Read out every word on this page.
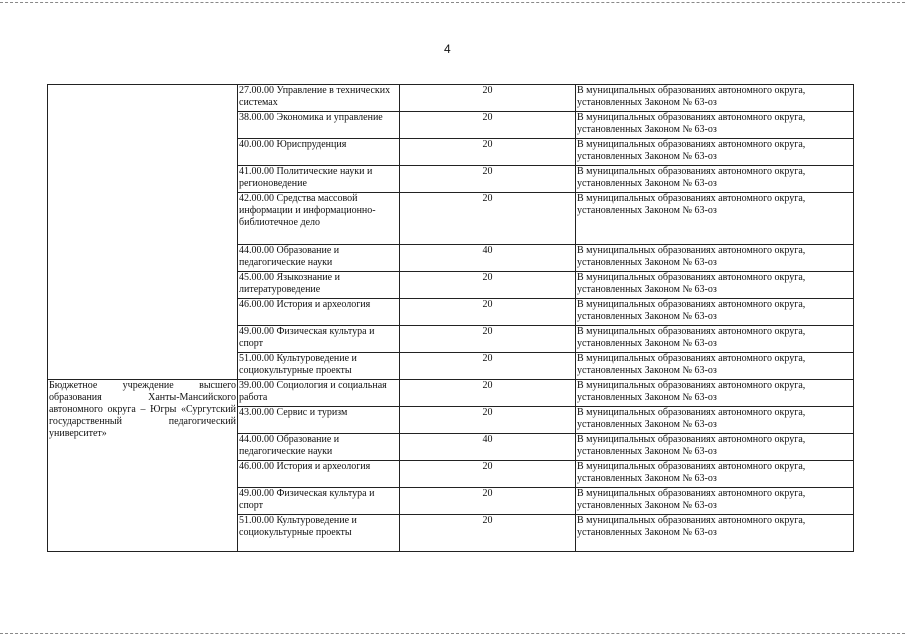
4
	27.00.00 Управление в технических системах	20	В муниципальных образованиях автономного округа, установленных Законом № 63-оз
	38.00.00 Экономика и управление	20	В муниципальных образованиях автономного округа, установленных Законом № 63-оз
	40.00.00 Юриспруденция	20	В муниципальных образованиях автономного округа, установленных Законом № 63-оз
	41.00.00 Политические науки и регионоведение	20	В муниципальных образованиях автономного округа, установленных Законом № 63-оз
	42.00.00 Средства массовой информации и информационно-библиотечное дело	20	В муниципальных образованиях автономного округа, установленных Законом № 63-оз
	44.00.00 Образование и педагогические науки	40	В муниципальных образованиях автономного округа, установленных Законом № 63-оз
	45.00.00 Языкознание и литературоведение	20	В муниципальных образованиях автономного округа, установленных Законом № 63-оз
	46.00.00 История и археология	20	В муниципальных образованиях автономного округа, установленных Законом № 63-оз
	49.00.00 Физическая культура и спорт	20	В муниципальных образованиях автономного округа, установленных Законом № 63-оз
	51.00.00 Культуроведение и социокультурные проекты	20	В муниципальных образованиях автономного округа, установленных Законом № 63-оз

Бюджетное учреждение высшего образования Ханты-Мансийского автономного округа – Югры «Сургутский государственный педагогический университет»	39.00.00 Социология и социальная работа	20	В муниципальных образованиях автономного округа, установленных Законом № 63-оз
	43.00.00 Сервис и туризм	20	В муниципальных образованиях автономного округа, установленных Законом № 63-оз
	44.00.00 Образование и педагогические науки	40	В муниципальных образованиях автономного округа, установленных Законом № 63-оз
	46.00.00 История и археология	20	В муниципальных образованиях автономного округа, установленных Законом № 63-оз
	49.00.00 Физическая культура и спорт	20	В муниципальных образованиях автономного округа, установленных Законом № 63-оз
	51.00.00 Культуроведение и социокультурные проекты	20	В муниципальных образованиях автономного округа, установленных Законом № 63-оз
